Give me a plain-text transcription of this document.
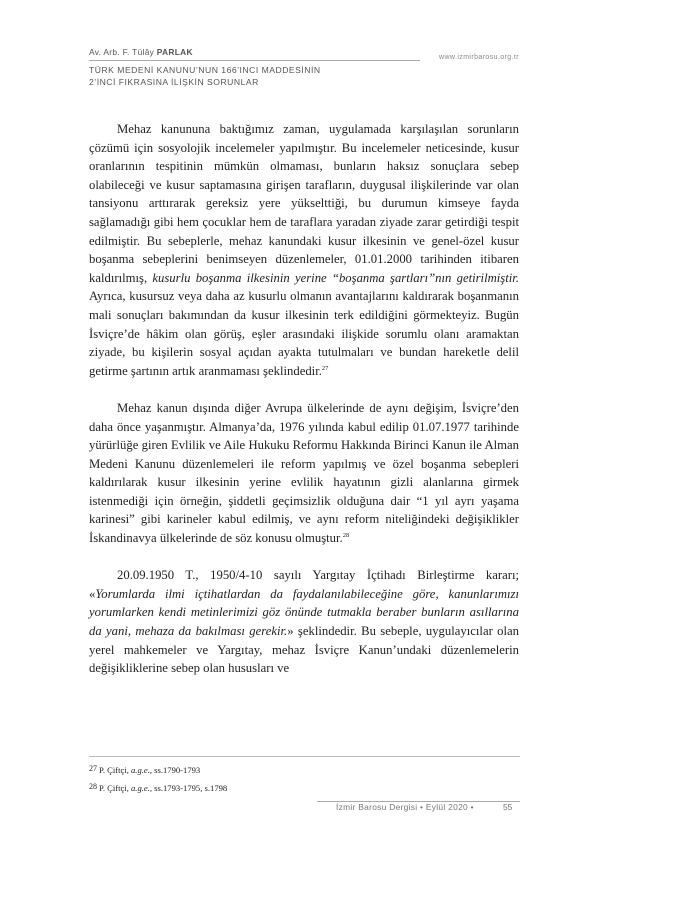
Av. Arb. F. Tülây PARLAK
www.izmirbarosu.org.tr
TÜRK MEDENİ KANUNU’NUN 166’INCI MADDESİNİN
2’İNCİ FIKRASINA İLİŞKİN SORUNLAR

Mehaz kanununa baktığımız zaman, uygulamada karşılaşılan sorunların çözümü için sosyolojik incelemeler yapılmıştır. Bu incelemeler neticesinde, kusur oranlarının tespitinin mümkün olmaması, bunların haksız sonuçlara sebep olabileceği ve kusur saptamasına girişen tarafların, duygusal ilişkilerinde var olan tansiyonu arttırarak gereksiz yere yükselttiği, bu durumun kimseye fayda sağlamadığı gibi hem çocuklar hem de taraflara yaradan ziyade zarar getirdiği tespit edilmiştir. Bu sebeplerle, mehaz kanundaki kusur ilkesinin ve genel-özel kusur boşanma sebeplerini benimseyen düzenlemeler, 01.01.2000 tarihinden itibaren kaldırılmış, kusurlu boşanma ilkesinin yerine “boşanma şartları”nın getirilmiştir. Ayrıca, kusursuz veya daha az kusurlu olmanın avantajlarını kaldırarak boşanmanın mali sonuçları bakımından da kusur ilkesinin terk edildiğini görmekteyiz. Bugün İsviçre’de hâkim olan görüş, eşler arasındaki ilişkide sorumlu olanı aramaktan ziyade, bu kişilerin sosyal açıdan ayakta tutulmaları ve bundan hareketle delil getirme şartının artık aranmaması şeklindedir.$^{27}$

Mehaz kanun dışında diğer Avrupa ülkelerinde de aynı değişim, İsviçre’den daha önce yaşanmıştır. Almanya’da, 1976 yılında kabul edilip 01.07.1977 tarihinde yürürlüğe giren Evlilik ve Aile Hukuku Reformu Hakkında Birinci Kanun ile Alman Medeni Kanunu düzenlemeleri ile reform yapılmış ve özel boşanma sebepleri kaldırılarak kusur ilkesinin yerine evlilik hayatının gizli alanlarına girmek istenmediği için örneğin, şiddetli geçimsizlik olduğuna dair “1 yıl ayrı yaşama karinesi” gibi karineler kabul edilmiş, ve aynı reform niteliğindeki değişiklikler İskandinavya ülkelerinde de söz konusu olmuştur.$^{28}$

20.09.1950 T., 1950/4-10 sayılı Yargıtay İçtihadı Birleştirme kararı; «Yorumlarda ilmi içtihatlardan da faydalanılabileceğine göre, kanunlarımızı yorumlarken kendi metinlerimizi göz önünde tutmakla beraber bunların asıllarına da yani, mehaza da bakılması gerekir.» şeklindedir. Bu sebeple, uygulayıcılar olan yerel mahkemeler ve Yargıtay, mehaz İsviçre Kanun’undaki düzenlemelerin değişikliklerine sebep olan hususları ve

$^{27}$ P. Çiftçi, a.g.e., ss.1790-1793
$^{28}$ P. Çiftçi, a.g.e., ss.1793-1795, s.1798
İzmir Barosu Dergisi • Eylül 2020 •	55
